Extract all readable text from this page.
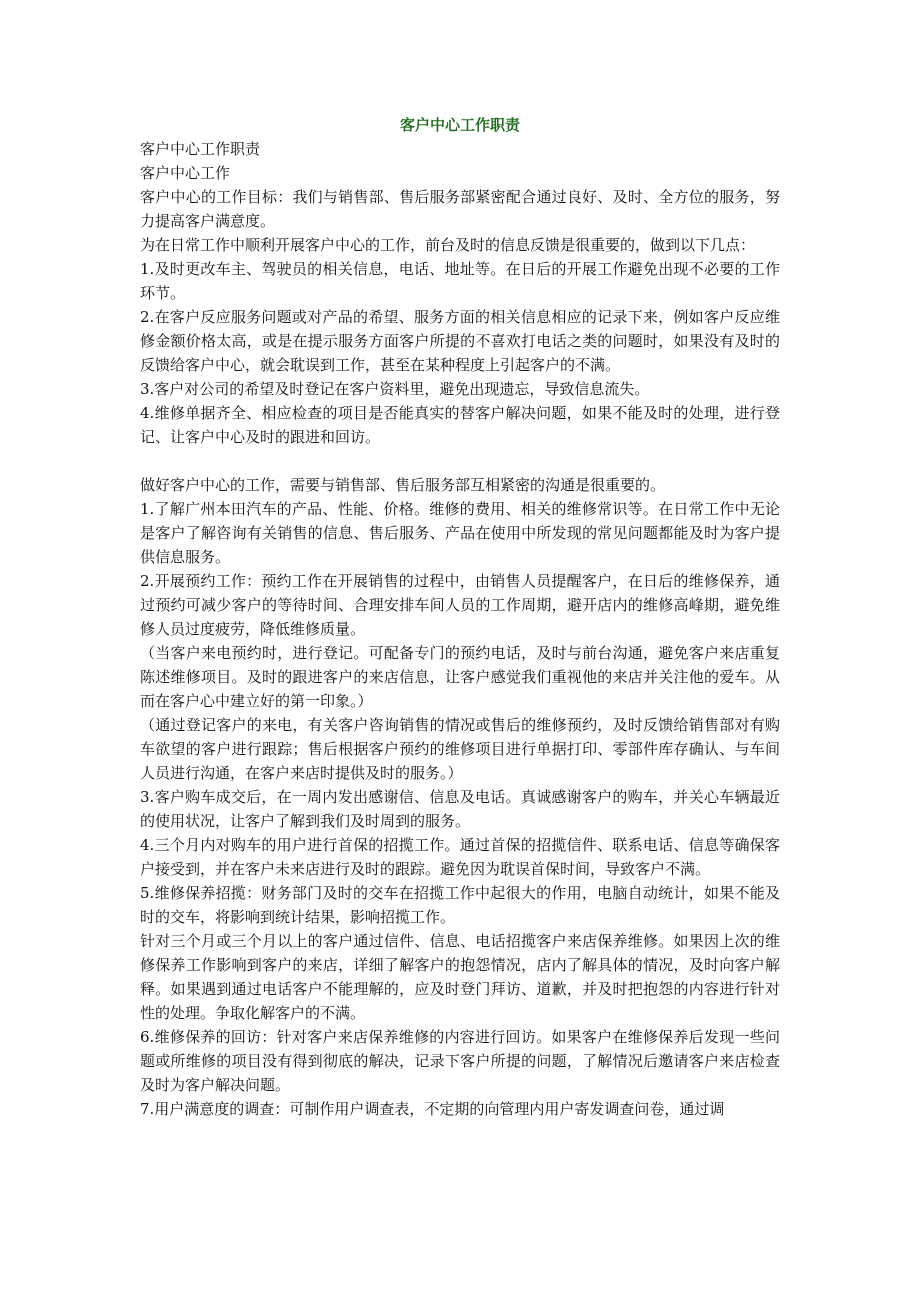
客户中心工作职责

客户中心工作职责

客户中心工作

客户中心的工作目标：我们与销售部、售后服务部紧密配合通过良好、及时、全方位的服务，努力提高客户满意度。

为在日常工作中顺利开展客户中心的工作，前台及时的信息反馈是很重要的，做到以下几点：

1.及时更改车主、驾驶员的相关信息，电话、地址等。在日后的开展工作避免出现不必要的工作环节。

2.在客户反应服务问题或对产品的希望、服务方面的相关信息相应的记录下来，例如客户反应维修金额价格太高，或是在提示服务方面客户所提的不喜欢打电话之类的问题时，如果没有及时的反馈给客户中心，就会耽误到工作，甚至在某种程度上引起客户的不满。

3.客户对公司的希望及时登记在客户资料里，避免出现遗忘，导致信息流失。

4.维修单据齐全、相应检查的项目是否能真实的替客户解决问题，如果不能及时的处理，进行登记、让客户中心及时的跟进和回访。

做好客户中心的工作，需要与销售部、售后服务部互相紧密的沟通是很重要的。

1.了解广州本田汽车的产品、性能、价格。维修的费用、相关的维修常识等。在日常工作中无论是客户了解咨询有关销售的信息、售后服务、产品在使用中所发现的常见问题都能及时为客户提供信息服务。

2.开展预约工作：预约工作在开展销售的过程中，由销售人员提醒客户，在日后的维修保养，通过预约可减少客户的等待时间、合理安排车间人员的工作周期，避开店内的维修高峰期，避免维修人员过度疲劳，降低维修质量。

（当客户来电预约时，进行登记。可配备专门的预约电话，及时与前台沟通，避免客户来店重复陈述维修项目。及时的跟进客户的来店信息，让客户感觉我们重视他的来店并关注他的爱车。从而在客户心中建立好的第一印象。）

（通过登记客户的来电，有关客户咨询销售的情况或售后的维修预约，及时反馈给销售部对有购车欲望的客户进行跟踪；售后根据客户预约的维修项目进行单据打印、零部件库存确认、与车间人员进行沟通，在客户来店时提供及时的服务。）

3.客户购车成交后，在一周内发出感谢信、信息及电话。真诚感谢客户的购车，并关心车辆最近的使用状况，让客户了解到我们及时周到的服务。

4.三个月内对购车的用户进行首保的招揽工作。通过首保的招揽信件、联系电话、信息等确保客户接受到，并在客户未来店进行及时的跟踪。避免因为耽误首保时间，导致客户不满。

5.维修保养招揽：财务部门及时的交车在招揽工作中起很大的作用，电脑自动统计，如果不能及时的交车，将影响到统计结果，影响招揽工作。

针对三个月或三个月以上的客户通过信件、信息、电话招揽客户来店保养维修。如果因上次的维修保养工作影响到客户的来店，详细了解客户的抱怨情况，店内了解具体的情况，及时向客户解释。如果遇到通过电话客户不能理解的，应及时登门拜访、道歉，并及时把抱怨的内容进行针对性的处理。争取化解客户的不满。

6.维修保养的回访：针对客户来店保养维修的内容进行回访。如果客户在维修保养后发现一些问题或所维修的项目没有得到彻底的解决，记录下客户所提的问题，了解情况后邀请客户来店检查及时为客户解决问题。

7.用户满意度的调查：可制作用户调查表，不定期的向管理内用户寄发调查问卷，通过调
